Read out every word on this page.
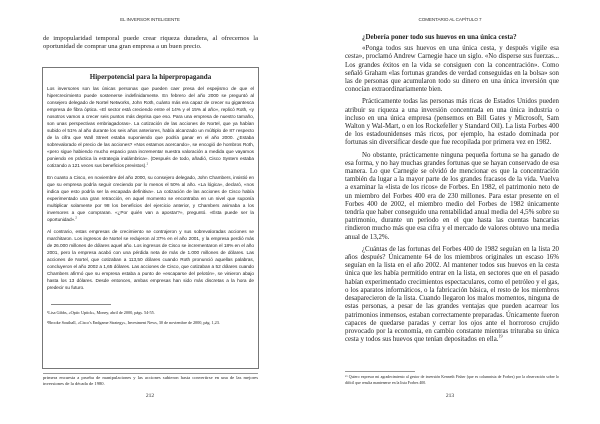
EL INVERSOR INTELIGENTE

de impopularidad temporal puede crear riqueza duradera, al ofrecernos la oportunidad de comprar una gran empresa a un buen precio.

Hiperpotencial para la hiperpropaganda

Los inversores son las únicas personas que pueden caer presa del espejismo de que el hipercrecimiento puede sostenerse indefinidamente. En febrero del año 2000 se preguntó al consejero delegado de Nortel Networks, John Roth, cuánto más era capaz de crecer su gigantesca empresa de fibra óptica. «El sector está creciendo entre el 14% y el 15% al año», replicó Roth, «y nosotros vamos a crecer seis puntos más deprisa que eso. Para una empresa de nuestro tamaño, son unas perspectivas embriagadoras». La cotización de las acciones de Nortel, que ya habían subido el 51% al año durante los seis años anteriores, había alcanzado un múltiplo de 87 respecto de la cifra que Wall Street estaba suponiendo que podría ganar en el año 2000. ¿Estaba sobrevalorado el precio de las acciones? «Nos estamos acercando», se encogió de hombros Roth, «pero sigue habiendo mucho espacio para incrementar nuestra valoración a medida que vayamos poniendo en práctica la estrategia inalámbrica». (Después de todo, añadió, Cisco System estaba cotizando a 121 veces sus beneficios previstos).$^1$

En cuanto a Cisco, en noviembre del año 2000, su consejero delegado, John Chambers, insistió en que su empresa podría seguir creciendo por lo menos el 50% al año. «La lógica», declaró, «nos indica que esto podría ser la escapada definitiva». La cotización de las acciones de Cisco había experimentado una gran retracción, en aquel momento se encontraba en un nivel que suponía multiplicar solamente por 98 los beneficios del ejercicio anterior, y Chambers animaba a los inversores a que compraran. «¿Por quién van a apostar?», preguntó. «Ésta puede ser la oportunidad».$^2$

Al contrario, estas empresas de crecimiento se contrajeron y sus sobrevaloradas acciones se marchitaron. Los ingresos de Nortel se redujeron al 37% en el año 2001, y la empresa perdió más de 26.000 millones de dólares aquel año. Los ingresos de Cisco se incrementaron el 18% en el año 2001, pero la empresa acabó con una pérdida neta de más de 1.000 millones de dólares. Las acciones de Nortel, que cotizaban a 113,50 dólares cuando Roth pronunció aquellas palabras, concluyeron el año 2002 a 1,65 dólares. Las acciones de Cisco, que cotizaban a 52 dólares cuando Chambers afirmó que su empresa estaba a punto de «escaparse del pelotón», se vinieron abajo hasta los 13 dólares. Desde entonces, ambas empresas han sido más discretas a la hora de predecir su futuro.

¹Lisa Gibbs, «Optic Uptick», Money, abril de 2000, págs. 54-55.

²Brooke Southall, «Cisco's Endgame Strategy», Investment News, 30 de noviembre de 2000, pág. 1,23.

primera encuesta a prueba de manipulaciones y las acciones subieron hasta convertirse en una de las mejores inversiones de la década de 1980.

212
COMENTARIO AL CAPÍTULO 7
¿Debería poner todo sus huevos en una única cesta?

«Ponga todos sus huevos en una única cesta, y después vigile esa cesta», proclamó Andrew Carnegie hace un siglo. «No disperse sus fuerzas... Los grandes éxitos en la vida se consiguen con la concentración». Como señaló Graham «las fortunas grandes de verdad conseguidas en la bolsa» son las de personas que acumularon todo su dinero en una única inversión que conocían extraordinariamente bien.

Prácticamente todas las personas más ricas de Estados Unidos pueden atribuir su riqueza a una inversión concentrada en una única industria o incluso en una única empresa (pensemos en Bill Gates y Microsoft, Sam Walton y Wal-Mart, o en los Rockefeller y Standard Oil). La lista Forbes 400 de los estadounidenses más ricos, por ejemplo, ha estado dominada por fortunas sin diversificar desde que fue recopilada por primera vez en 1982.

No obstante, prácticamente ninguna pequeña fortuna se ha ganado de esa forma, y no hay muchas grandes fortunas que se hayan conservado de esa manera. Lo que Carnegie se olvidó de mencionar es que la concentración también da lugar a la mayor parte de los grandes fracasos de la vida. Vuelva a examinar la «lista de los ricos» de Forbes. En 1982, el patrimonio neto de un miembro del Forbes 400 era de 230 millones. Para estar presente en el Forbes 400 de 2002, el miembro medio del Forbes de 1982 únicamente tendría que haber conseguido una rentabilidad anual media del 4,5% sobre su patrimonio, durante un período en el que hasta las cuentas bancarias rindieron mucho más que esa cifra y el mercado de valores obtuvo una media anual de 13,2%.

¿Cuántas de las fortunas del Forbes 400 de 1982 seguían en la lista 20 años después? Únicamente 64 de los miembros originales un escaso 16% seguían en la lista en el año 2002. Al mantener todos sus huevos en la cesta única que les había permitido entrar en la lista, en sectores que en el pasado habían experimentado crecimientos espectaculares, como el petróleo y el gas, o los aparatos informáticos, o la fabricación básica, el resto de los miembros desaparecieron de la lista. Cuando llegaron los malos momentos, ninguna de estas personas, a pesar de las grandes ventajas que pueden acarrear los patrimonios inmensos, estaban correctamente preparadas. Únicamente fueron capaces de quedarse paradas y cerrar los ojos ante el horroroso crujido provocado por la economía, en cambio constante mientras trituraba su única cesta y todos sus huevos que tenían depositados en ella.$^{19}$

¹⁹ Quiero expresar mi agradecimiento al gestor de inversión Kenneth Fisher (que es columnista de Forbes) por la observación sobre lo difícil que resulta mantenerse en la lista Forbes 400.

213
